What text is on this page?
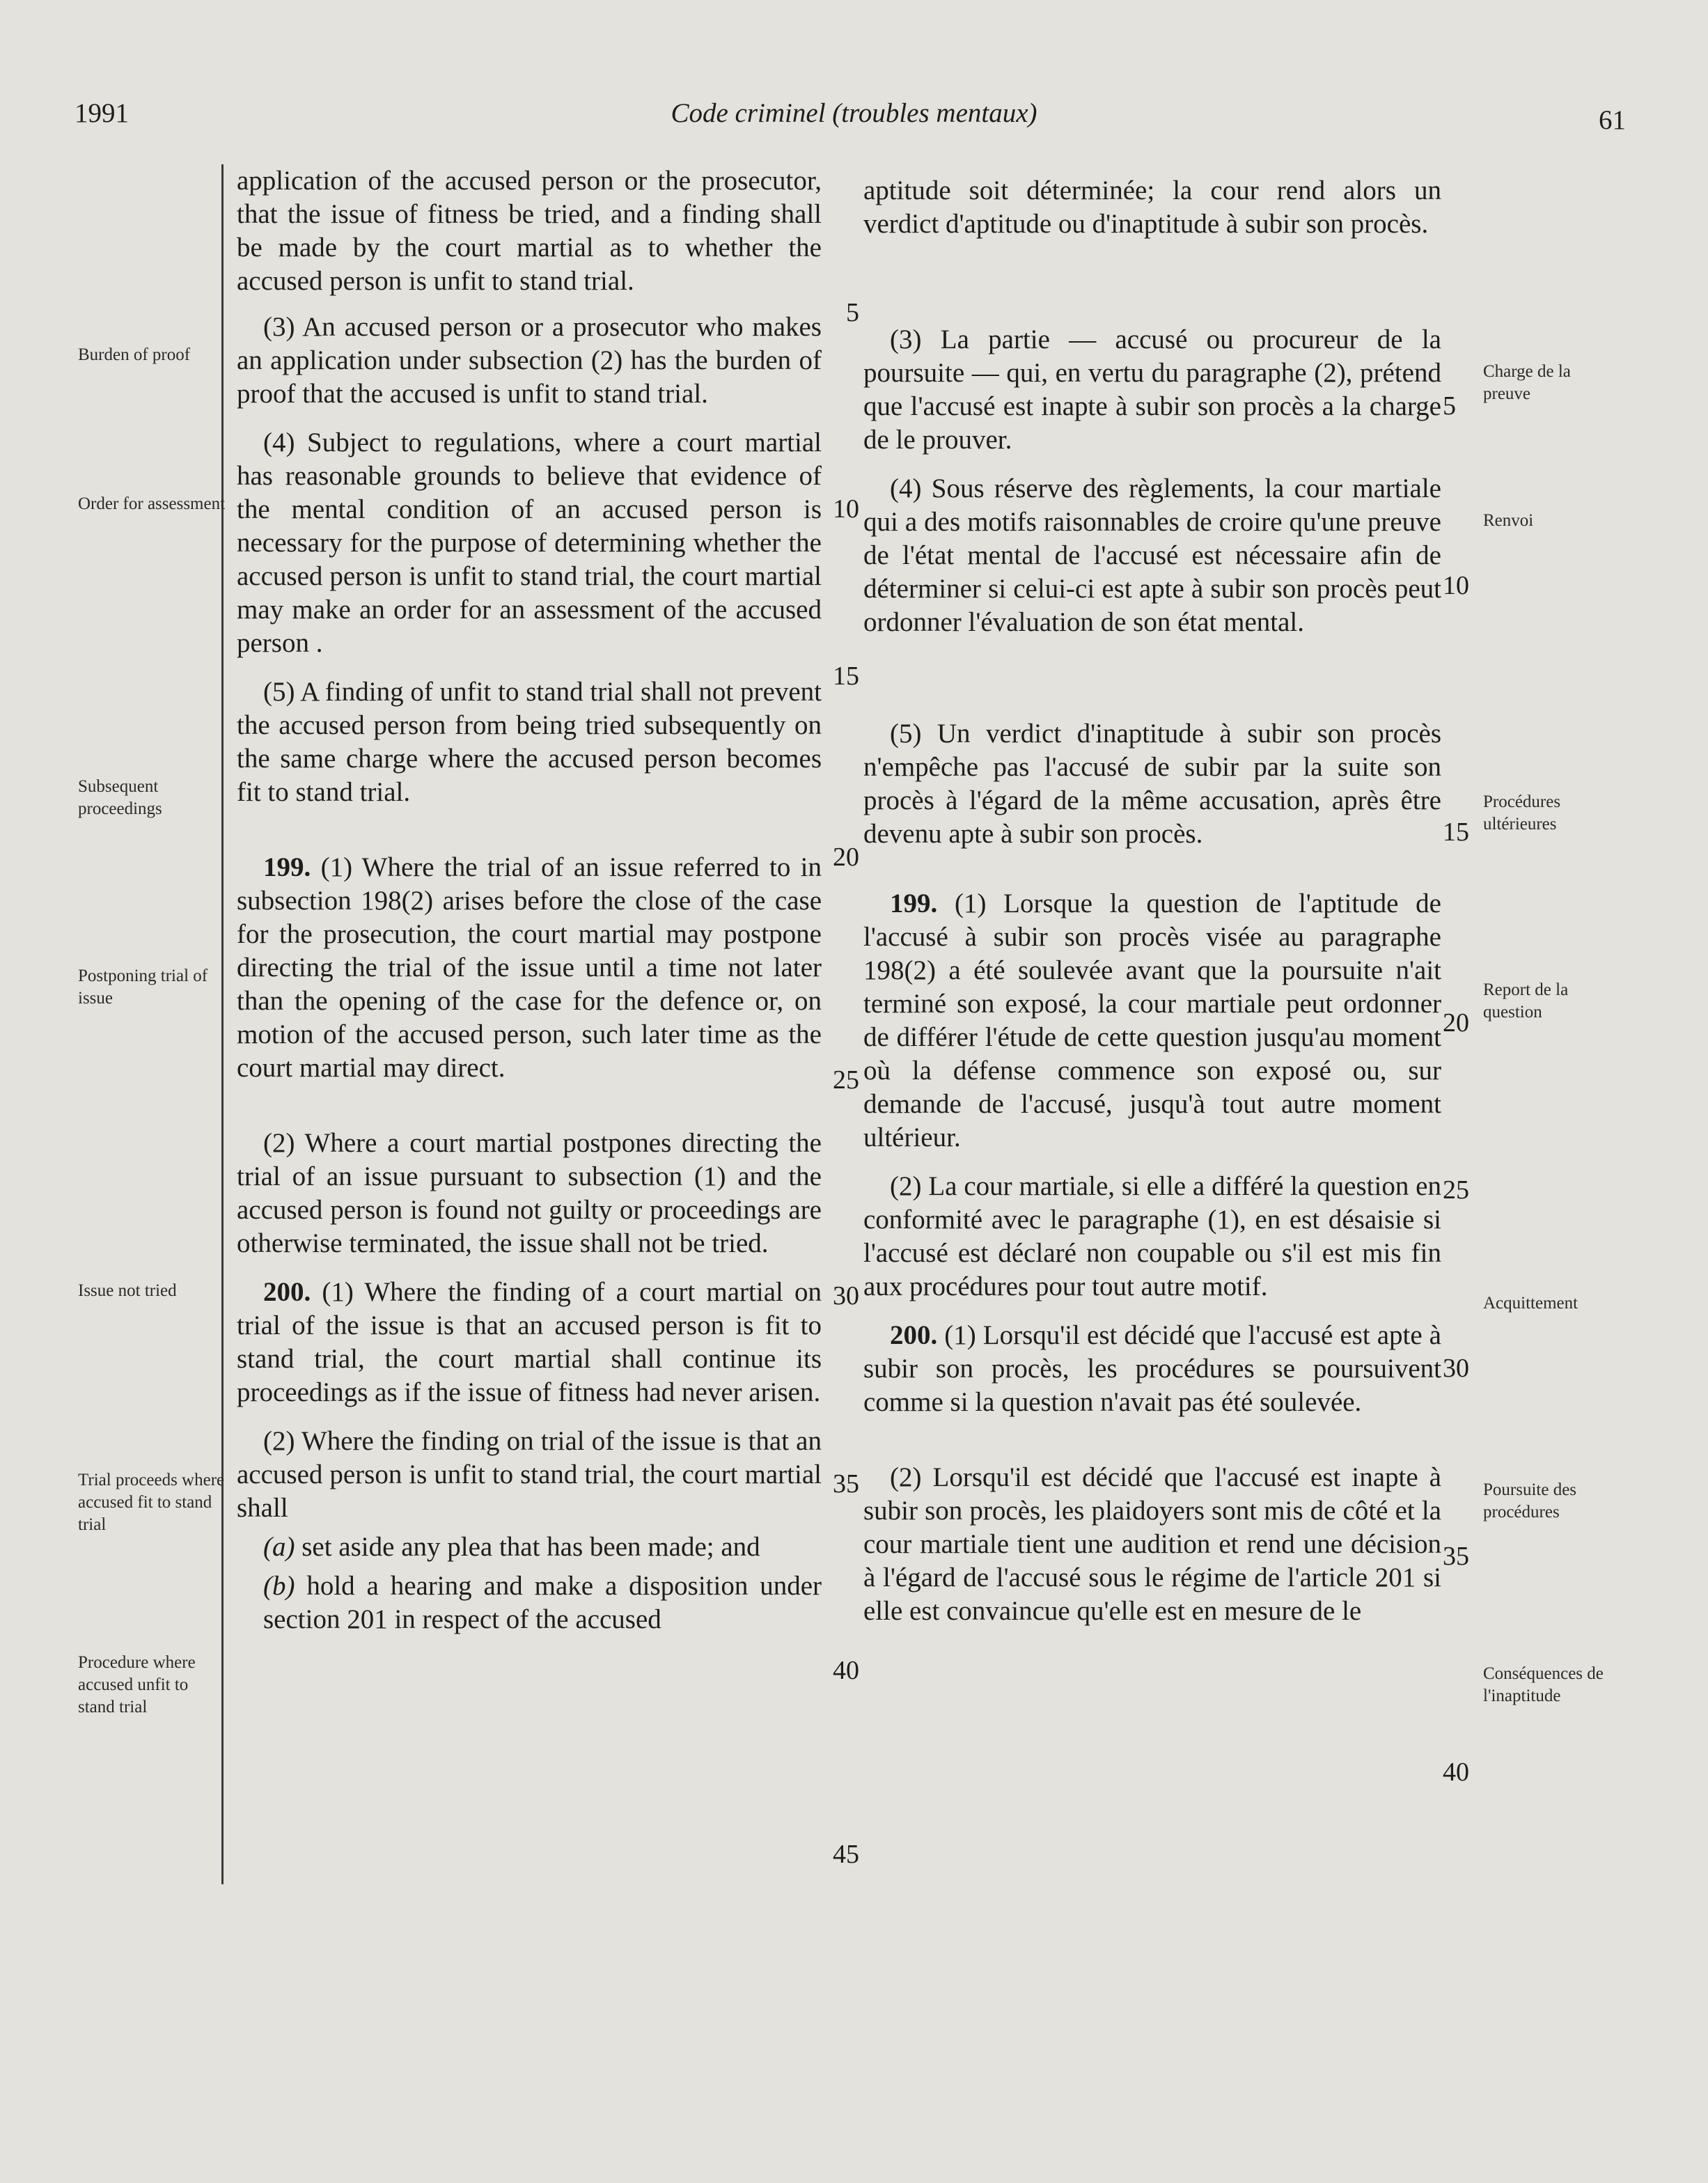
1991	Code criminel (troubles mentaux)	61
Burden of proof
Order for assessment
Subsequent proceedings
Postponing trial of issue
Issue not tried
Trial proceeds where accused fit to stand trial
Procedure where accused unfit to stand trial

application of the accused person or the prosecutor, that the issue of fitness be tried, and a finding shall be made by the court martial as to whether the accused person is unfit to stand trial.

(3) An accused person or a prosecutor who makes an application under subsection (2) has the burden of proof that the accused is unfit to stand trial.

(4) Subject to regulations, where a court martial has reasonable grounds to believe that evidence of the mental condition of an accused person is necessary for the purpose of determining whether the accused person is unfit to stand trial, the court martial may make an order for an assessment of the accused person .

(5) A finding of unfit to stand trial shall not prevent the accused person from being tried subsequently on the same charge where the accused person becomes fit to stand trial.

199. (1) Where the trial of an issue referred to in subsection 198(2) arises before the close of the case for the prosecution, the court martial may postpone directing the trial of the issue until a time not later than the opening of the case for the defence or, on motion of the accused person, such later time as the court martial may direct.

(2) Where a court martial postpones directing the trial of an issue pursuant to subsection (1) and the accused person is found not guilty or proceedings are otherwise terminated, the issue shall not be tried.

200. (1) Where the finding of a court martial on trial of the issue is that an accused person is fit to stand trial, the court martial shall continue its proceedings as if the issue of fitness had never arisen.

(2) Where the finding on trial of the issue is that an accused person is unfit to stand trial, the court martial shall

(a) set aside any plea that has been made; and

(b) hold a hearing and make a disposition under section 201 in respect of the accused

5
10
15
20
25
30
35
40
45

aptitude soit déterminée; la cour rend alors un verdict d'aptitude ou d'inaptitude à subir son procès.

(3) La partie — accusé ou procureur de la poursuite — qui, en vertu du paragraphe (2), prétend que l'accusé est inapte à subir son procès a la charge de le prouver.

(4) Sous réserve des règlements, la cour martiale qui a des motifs raisonnables de croire qu'une preuve de l'état mental de l'accusé est nécessaire afin de déterminer si celui-ci est apte à subir son procès peut ordonner l'évaluation de son état mental.

(5) Un verdict d'inaptitude à subir son procès n'empêche pas l'accusé de subir par la suite son procès à l'égard de la même accusation, après être devenu apte à subir son procès.

199. (1) Lorsque la question de l'aptitude de l'accusé à subir son procès visée au paragraphe 198(2) a été soulevée avant que la poursuite n'ait terminé son exposé, la cour martiale peut ordonner de différer l'étude de cette question jusqu'au moment où la défense commence son exposé ou, sur demande de l'accusé, jusqu'à tout autre moment ultérieur.

(2) La cour martiale, si elle a différé la question en conformité avec le paragraphe (1), en est désaisie si l'accusé est déclaré non coupable ou s'il est mis fin aux procédures pour tout autre motif.

200. (1) Lorsqu'il est décidé que l'accusé est apte à subir son procès, les procédures se poursuivent comme si la question n'avait pas été soulevée.

(2) Lorsqu'il est décidé que l'accusé est inapte à subir son procès, les plaidoyers sont mis de côté et la cour martiale tient une audition et rend une décision à l'égard de l'accusé sous le régime de l'article 201 si elle est convaincue qu'elle est en mesure de le

5
10
15
20
25
30
35
40
Charge de la preuve
Renvoi
Procédures ultérieures
Report de la question
Acquittement
Poursuite des procédures
Conséquences de l'inaptitude
